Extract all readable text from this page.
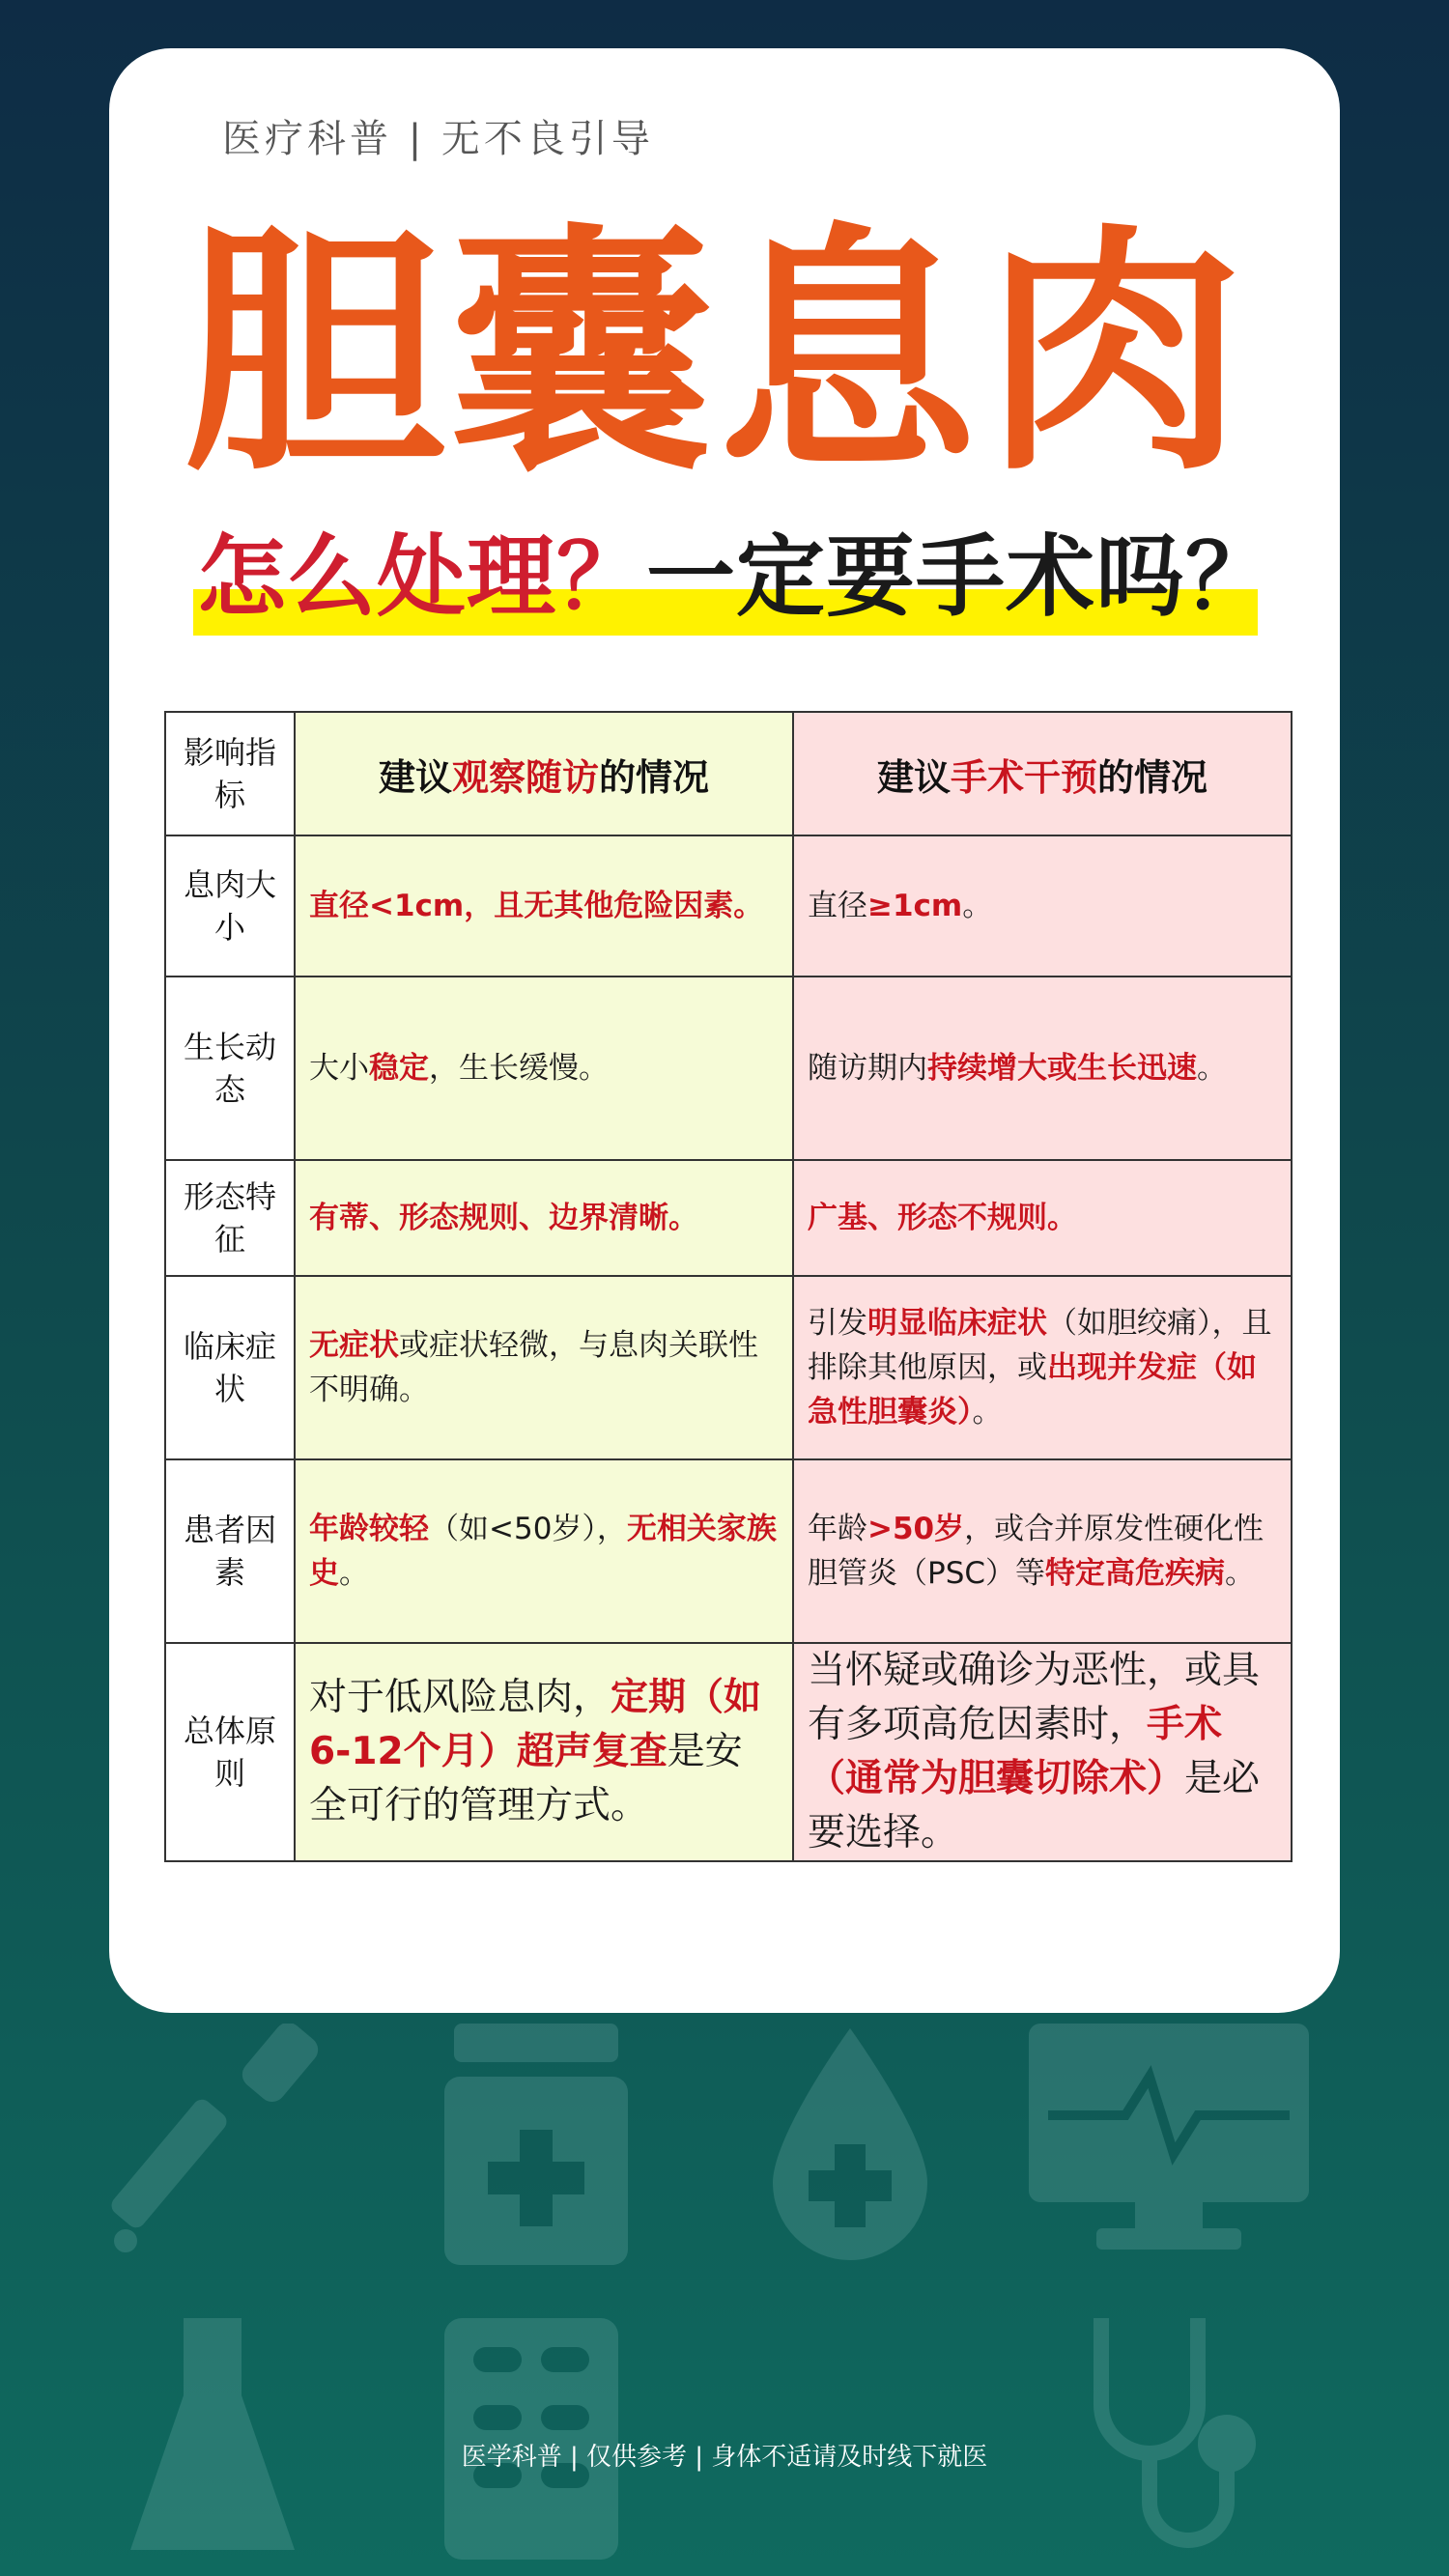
医疗科普 | 无不良引导
胆囊息肉
怎么处理？一定要手术吗？
影响指标	建议观察随访的情况	建议手术干预的情况
息肉大小	直径<1cm，且无其他危险因素。	直径≥1cm。
生长动态	大小稳定，生长缓慢。	随访期内持续增大或生长迅速。
形态特征	有蒂、形态规则、边界清晰。	广基、形态不规则。
临床症状	无症状或症状轻微，与息肉关联性不明确。	引发明显临床症状（如胆绞痛），且排除其他原因，或出现并发症（如急性胆囊炎）。
患者因素	年龄较轻（如<50岁），无相关家族史。	年龄>50岁，或合并原发性硬化性胆管炎（PSC）等特定高危疾病。
总体原则	对于低风险息肉，定期（如6-12个月）超声复查是安全可行的管理方式。	当怀疑或确诊为恶性，或具有多项高危因素时，手术（通常为胆囊切除术）是必要选择。
医学科普 | 仅供参考 | 身体不适请及时线下就医
